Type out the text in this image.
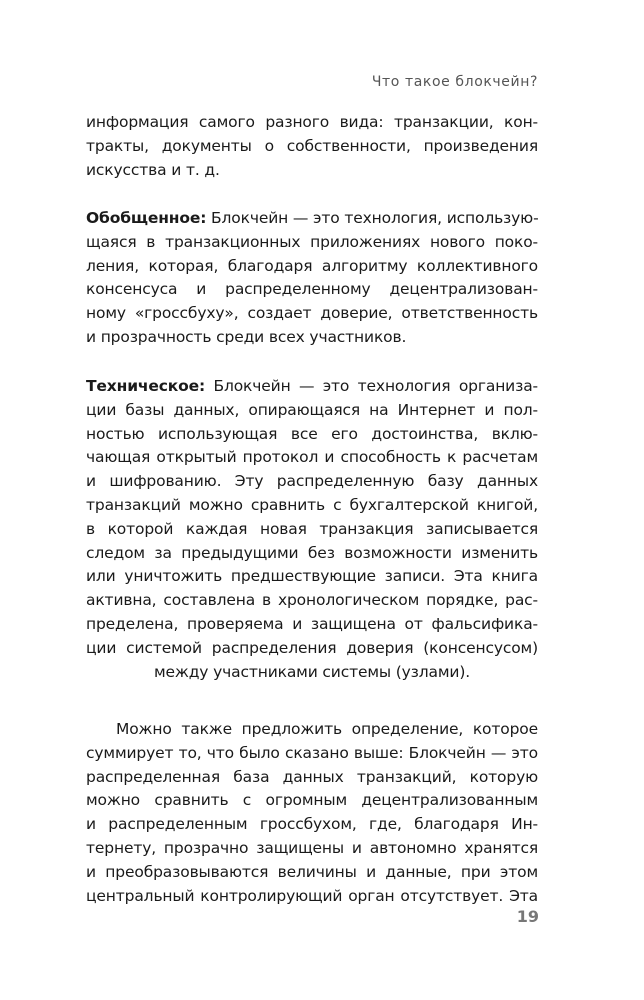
Что такое блокчейн?
информация самого разного вида: транзакции, кон-
тракты, документы о собственности, произведения
искусства и т. д.
Обобщенное: Блокчейн — это технология, использую-
щаяся в транзакционных приложениях нового поко-
ления, которая, благодаря алгоритму коллективного
консенсуса и распределенному децентрализован-
ному «гроссбуху», создает доверие, ответственность
и прозрачность среди всех участников.
Техническое: Блокчейн — это технология организа-
ции базы данных, опирающаяся на Интернет и пол-
ностью использующая все его достоинства, вклю-
чающая открытый протокол и способность к расчетам
и шифрованию. Эту распределенную базу данных
транзакций можно сравнить с бухгалтерской книгой,
в которой каждая новая транзакция записывается
следом за предыдущими без возможности изменить
или уничтожить предшествующие записи. Эта книга
активна, составлена в хронологическом порядке, рас-
пределена, проверяема и защищена от фальсифика-
ции системой распределения доверия (консенсусом)
между участниками системы (узлами).
Можно также предложить определение, которое
суммирует то, что было сказано выше: Блокчейн — это
распределенная база данных транзакций, которую
можно сравнить с огромным децентрализованным
и распределенным гроссбухом, где, благодаря Ин-
тернету, прозрачно защищены и автономно хранятся
и преобразовываются величины и данные, при этом
центральный контролирующий орган отсутствует. Эта
19
